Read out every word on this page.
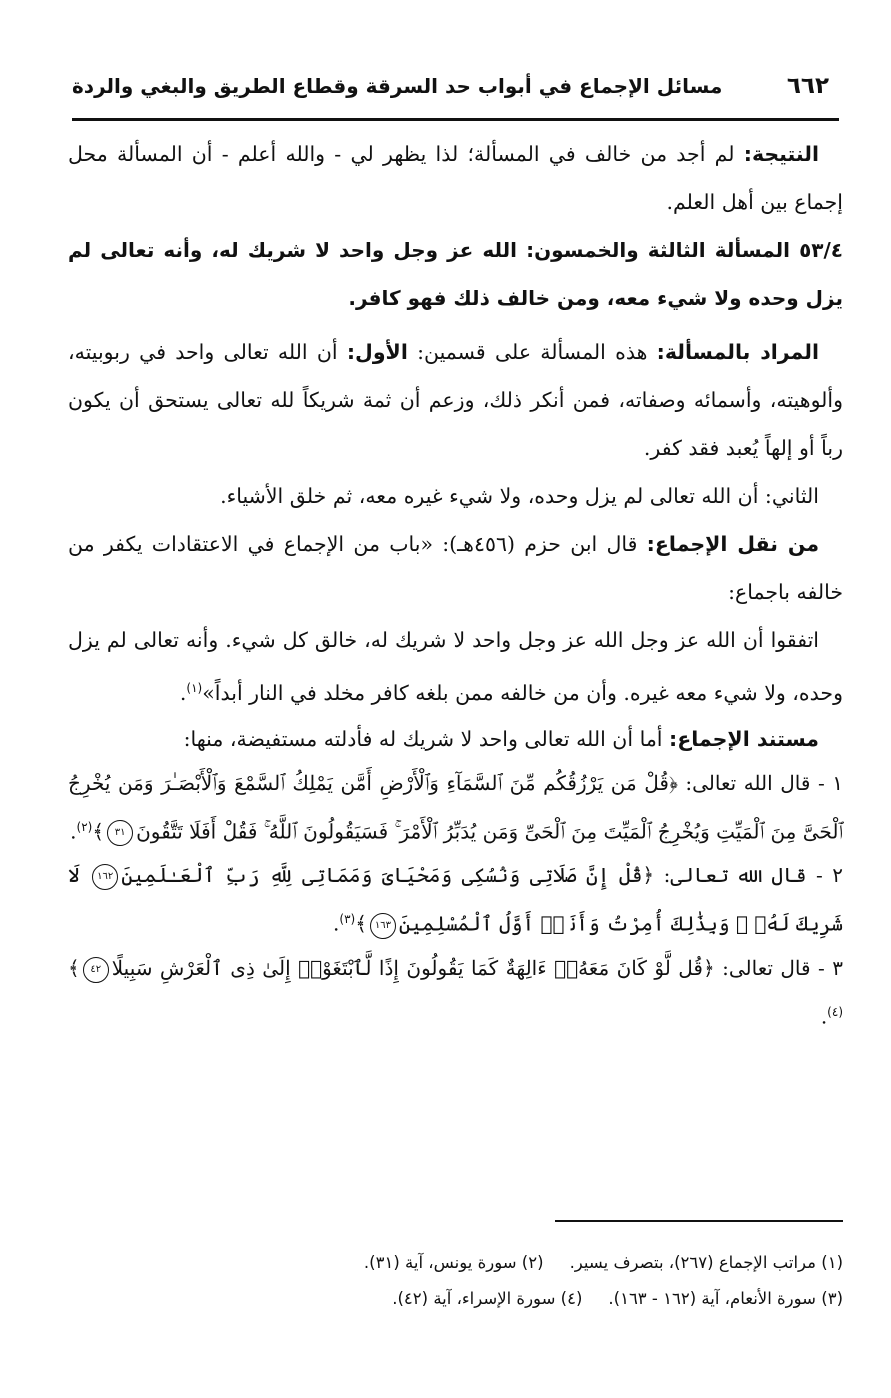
٦٦٢
مسائل الإجماع في أبواب حد السرقة وقطاع الطريق والبغي والردة

النتيجة: لم أجد من خالف في المسألة؛ لذا يظهر لي - والله أعلم - أن المسألة محل إجماع بين أهل العلم.

٥٣/٤ المسألة الثالثة والخمسون: الله عز وجل واحد لا شريك له، وأنه تعالى لم يزل وحده ولا شيء معه، ومن خالف ذلك فهو كافر.

المراد بالمسألة: هذه المسألة على قسمين: الأول: أن الله تعالى واحد في ربوبيته، وألوهيته، وأسمائه وصفاته، فمن أنكر ذلك، وزعم أن ثمة شريكاً لله تعالى يستحق أن يكون رباً أو إلهاً يُعبد فقد كفر.

الثاني: أن الله تعالى لم يزل وحده، ولا شيء غيره معه، ثم خلق الأشياء.

من نقل الإجماع: قال ابن حزم (٤٥٦هـ): «باب من الإجماع في الاعتقادات يكفر من خالفه باجماع:

اتفقوا أن الله عز وجل الله عز وجل واحد لا شريك له، خالق كل شيء. وأنه تعالى لم يزل وحده، ولا شيء معه غيره. وأن من خالفه ممن بلغه كافر مخلد في النار أبداً»$^{(١)}$.

مستند الإجماع: أما أن الله تعالى واحد لا شريك له فأدلته مستفيضة، منها:

١ - قال الله تعالى: ﴿قُلْ مَن يَرْزُقُكُم مِّنَ ٱلسَّمَآءِ وَٱلْأَرْضِ أَمَّن يَمْلِكُ ٱلسَّمْعَ وَٱلْأَبْصَـٰرَ وَمَن يُخْرِجُ ٱلْحَىَّ مِنَ ٱلْمَيِّتِ وَيُخْرِجُ ٱلْمَيِّتَ مِنَ ٱلْحَىِّ وَمَن يُدَبِّرُ ٱلْأَمْرَ ۚ فَسَيَقُولُونَ ٱللَّهُ ۚ فَقُلْ أَفَلَا تَتَّقُونَ٣١﴾$^{(٢)}$.

٢ - قال الله تعالى: ﴿قُلْ إِنَّ صَلَاتِى وَنُسُكِى وَمَحْيَاىَ وَمَمَاتِى لِلَّهِ رَبِّ ٱلْعَـٰلَمِينَ١٦٢ لَا شَرِيكَ لَهُۥ ۖ وَبِذَٰلِكَ أُمِرْتُ وَأَنَا۠ أَوَّلُ ٱلْمُسْلِمِينَ١٦٣﴾$^{(٣)}$.

٣ - قال تعالى: ﴿قُل لَّوْ كَانَ مَعَهُۥٓ ءَالِهَةٌ كَمَا يَقُولُونَ إِذًا لَّٱبْتَغَوْا۟ إِلَىٰ ذِى ٱلْعَرْشِ سَبِيلًا٤٢﴾$^{(٤)}$.

(١) مراتب الإجماع (٢٦٧)، بتصرف يسير.
(٢) سورة يونس، آية (٣١).
(٣) سورة الأنعام، آية (١٦٢ - ١٦٣).
(٤) سورة الإسراء، آية (٤٢).
